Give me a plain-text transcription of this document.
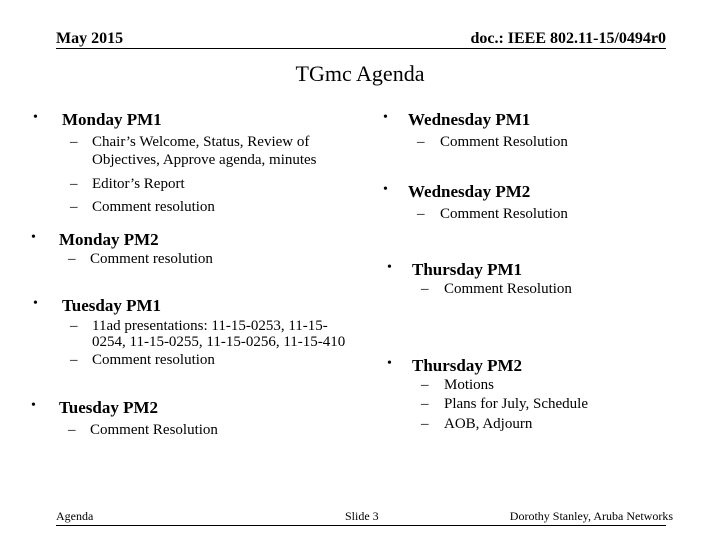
May 2015	doc.: IEEE 802.11-15/0494r0
TGmc Agenda
• Monday PM1
– Chair’s Welcome, Status, Review of
Objectives, Approve agenda, minutes
– Editor’s Report
– Comment resolution
• Monday PM2
– Comment resolution
• Tuesday PM1
– 11ad presentations: 11-15-0253, 11-15-
0254, 11-15-0255, 11-15-0256, 11-15-410
– Comment resolution
• Tuesday PM2
– Comment Resolution
• Wednesday PM1
– Comment Resolution
• Wednesday PM2
– Comment Resolution
• Thursday PM1
– Comment Resolution
• Thursday PM2
– Motions
– Plans for July, Schedule
– AOB, Adjourn
Agenda	Slide 3	Dorothy Stanley, Aruba Networks
